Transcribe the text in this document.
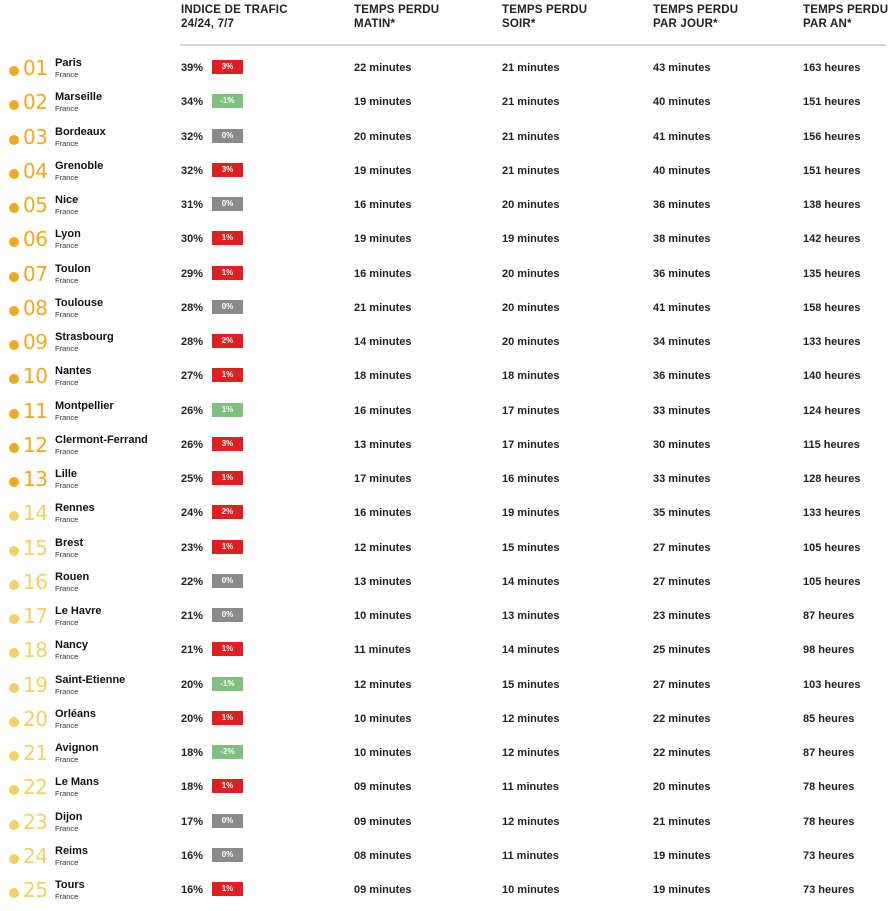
INDICE DE TRAFIC
24/24, 7/7
TEMPS PERDU
MATIN*
TEMPS PERDU
SOIR*
TEMPS PERDU
PAR JOUR*
TEMPS PERDU
PAR AN*
01 Paris
France
39%	3%	22 minutes	21 minutes	43 minutes	163 heures
02 Marseille
France
34%	-1%	19 minutes	21 minutes	40 minutes	151 heures
03 Bordeaux
France
32%	0%	20 minutes	21 minutes	41 minutes	156 heures
04 Grenoble
France
32%	3%	19 minutes	21 minutes	40 minutes	151 heures
05 Nice
France
31%	0%	16 minutes	20 minutes	36 minutes	138 heures
06 Lyon
France
30%	1%	19 minutes	19 minutes	38 minutes	142 heures
07 Toulon
France
29%	1%	16 minutes	20 minutes	36 minutes	135 heures
08 Toulouse
France
28%	0%	21 minutes	20 minutes	41 minutes	158 heures
09 Strasbourg
France
28%	2%	14 minutes	20 minutes	34 minutes	133 heures
10 Nantes
France
27%	1%	18 minutes	18 minutes	36 minutes	140 heures
11 Montpellier
France
26%	1%	16 minutes	17 minutes	33 minutes	124 heures
12 Clermont-Ferrand
France
26%	3%	13 minutes	17 minutes	30 minutes	115 heures
13 Lille
France
25%	1%	17 minutes	16 minutes	33 minutes	128 heures
14 Rennes
France
24%	2%	16 minutes	19 minutes	35 minutes	133 heures
15 Brest
France
23%	1%	12 minutes	15 minutes	27 minutes	105 heures
16 Rouen
France
22%	0%	13 minutes	14 minutes	27 minutes	105 heures
17 Le Havre
France
21%	0%	10 minutes	13 minutes	23 minutes	87 heures
18 Nancy
France
21%	1%	11 minutes	14 minutes	25 minutes	98 heures
19 Saint-Etienne
France
20%	-1%	12 minutes	15 minutes	27 minutes	103 heures
20 Orléans
France
20%	1%	10 minutes	12 minutes	22 minutes	85 heures
21 Avignon
France
18%	-2%	10 minutes	12 minutes	22 minutes	87 heures
22 Le Mans
France
18%	1%	09 minutes	11 minutes	20 minutes	78 heures
23 Dijon
France
17%	0%	09 minutes	12 minutes	21 minutes	78 heures
24 Reims
France
16%	0%	08 minutes	11 minutes	19 minutes	73 heures
25 Tours
France
16%	1%	09 minutes	10 minutes	19 minutes	73 heures
